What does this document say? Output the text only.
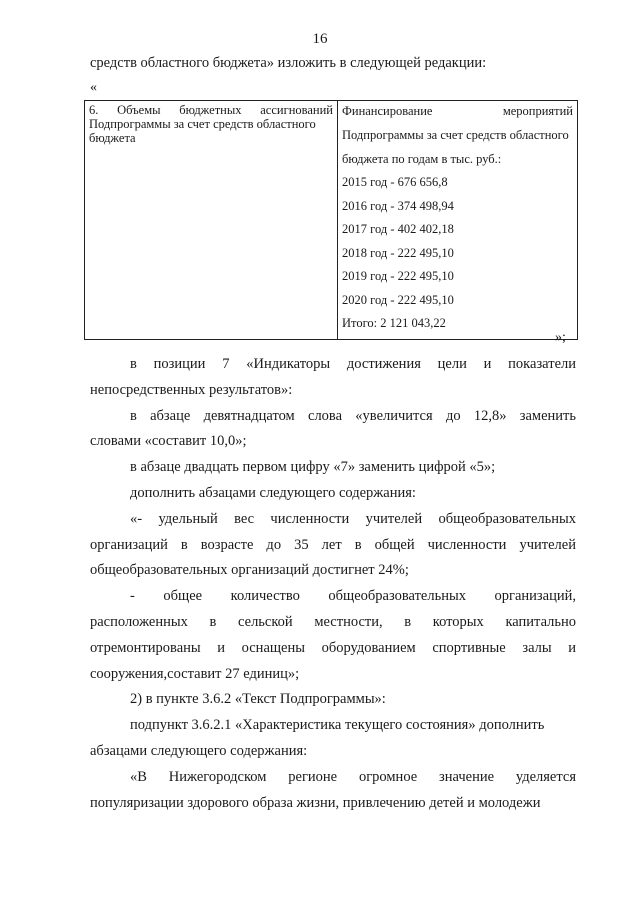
16
средств областного бюджета» изложить в следующей редакции:
«
6. Объемы бюджетных ассигнований
Подпрограммы за счет средств областного
бюджета

Финансирование	мероприятий
Подпрограммы за счет средств областного
бюджета по годам в тыс. руб.:
2015 год - 676 656,8
2016 год - 374 498,94
2017 год - 402 402,18
2018 год - 222 495,10
2019 год - 222 495,10
2020 год - 222 495,10
Итого: 2 121 043,22
»;

в позиции 7 «Индикаторы достижения цели и показатели

непосредственных результатов»:

в абзаце девятнадцатом слова «увеличится до 12,8» заменить

словами «составит 10,0»;

в абзаце двадцать первом цифру «7» заменить цифрой «5»;

дополнить абзацами следующего содержания:

«- удельный вес численности учителей общеобразовательных

организаций в возрасте до 35 лет в общей численности учителей

общеобразовательных организаций достигнет 24%;

- общее количество общеобразовательных организаций,

расположенных в сельской местности, в которых капитально

отремонтированы и оснащены оборудованием спортивные залы и

сооружения,составит 27 единиц»;

2) в пункте 3.6.2 «Текст Подпрограммы»:

подпункт 3.6.2.1 «Характеристика текущего состояния» дополнить

абзацами следующего содержания:

«В Нижегородском регионе огромное значение уделяется

популяризации здорового образа жизни, привлечению детей и молодежи
